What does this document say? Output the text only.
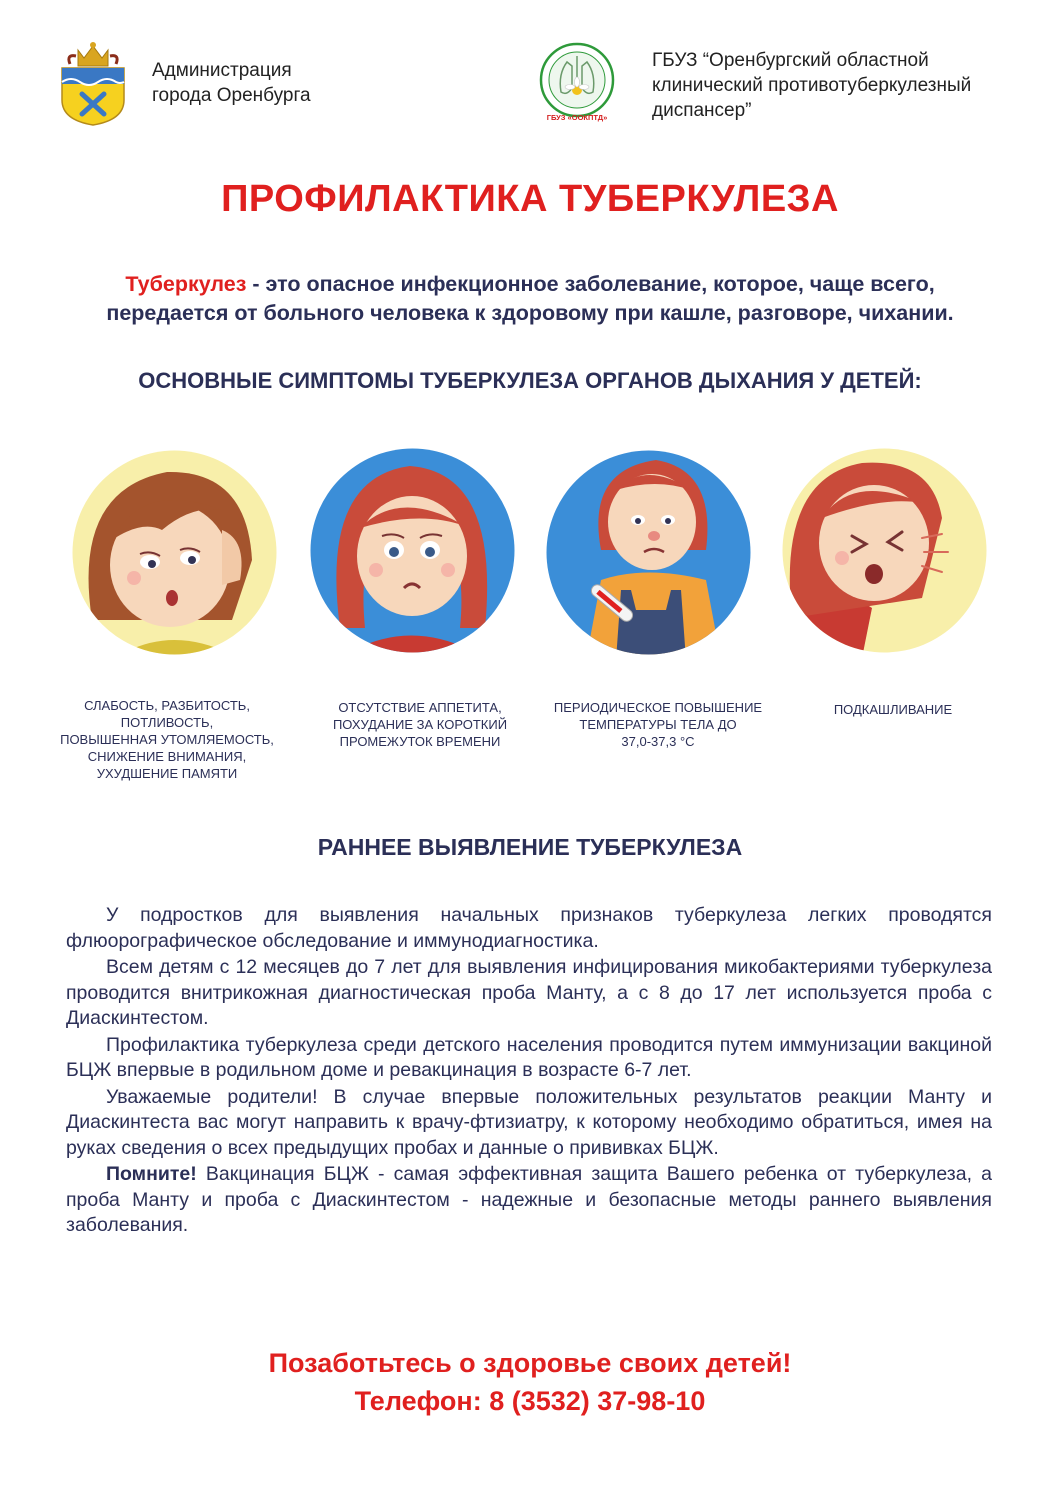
Администрация
города Оренбурга
ГБУЗ «ООКПТД»
ГБУЗ “Оренбургский областной
клинический противотуберкулезный
диспансер”
ПРОФИЛАКТИКА ТУБЕРКУЛЕЗА
Туберкулез - это опасное инфекционное заболевание, которое, чаще всего,
передается от больного человека к здоровому при кашле, разговоре, чихании.
ОСНОВНЫЕ СИМПТОМЫ ТУБЕРКУЛЕЗА ОРГАНОВ ДЫХАНИЯ У ДЕТЕЙ:
СЛАБОСТЬ, РАЗБИТОСТЬ,
ПОТЛИВОСТЬ,
ПОВЫШЕННАЯ УТОМЛЯЕМОСТЬ,
СНИЖЕНИЕ ВНИМАНИЯ,
УХУДШЕНИЕ ПАМЯТИ
ОТСУТСТВИЕ АППЕТИТА,
ПОХУДАНИЕ ЗА КОРОТКИЙ
ПРОМЕЖУТОК ВРЕМЕНИ
ПЕРИОДИЧЕСКОЕ ПОВЫШЕНИЕ
ТЕМПЕРАТУРЫ ТЕЛА ДО
37,0-37,3 °С
ПОДКАШЛИВАНИЕ
РАННЕЕ ВЫЯВЛЕНИЕ ТУБЕРКУЛЕЗА

У подростков для выявления начальных признаков туберкулеза легких проводятся флюорографическое обследование и иммунодиагностика.

Всем детям с 12 месяцев до 7 лет для выявления инфицирования микобактериями туберкулеза проводится внитрикожная диагностическая проба Манту, а с 8 до 17 лет используется проба с Диаскинтестом.

Профилактика туберкулеза среди детского населения проводится путем иммунизации вакциной БЦЖ впервые в родильном доме и ревакцинация в возрасте 6-7 лет.

Уважаемые родители! В случае впервые положительных результатов реакции Манту и Диаскинтеста вас могут направить к врачу-фтизиатру, к которому необходимо обратиться, имея на руках сведения о всех предыдущих пробах и данные о прививках БЦЖ.

Помните! Вакцинация БЦЖ - самая эффективная защита Вашего ребенка от туберкулеза, а проба Манту и проба с Диаскинтестом - надежные и безопасные методы раннего выявления заболевания.

Позаботьтесь о здоровье своих детей!
Телефон: 8 (3532) 37-98-10
